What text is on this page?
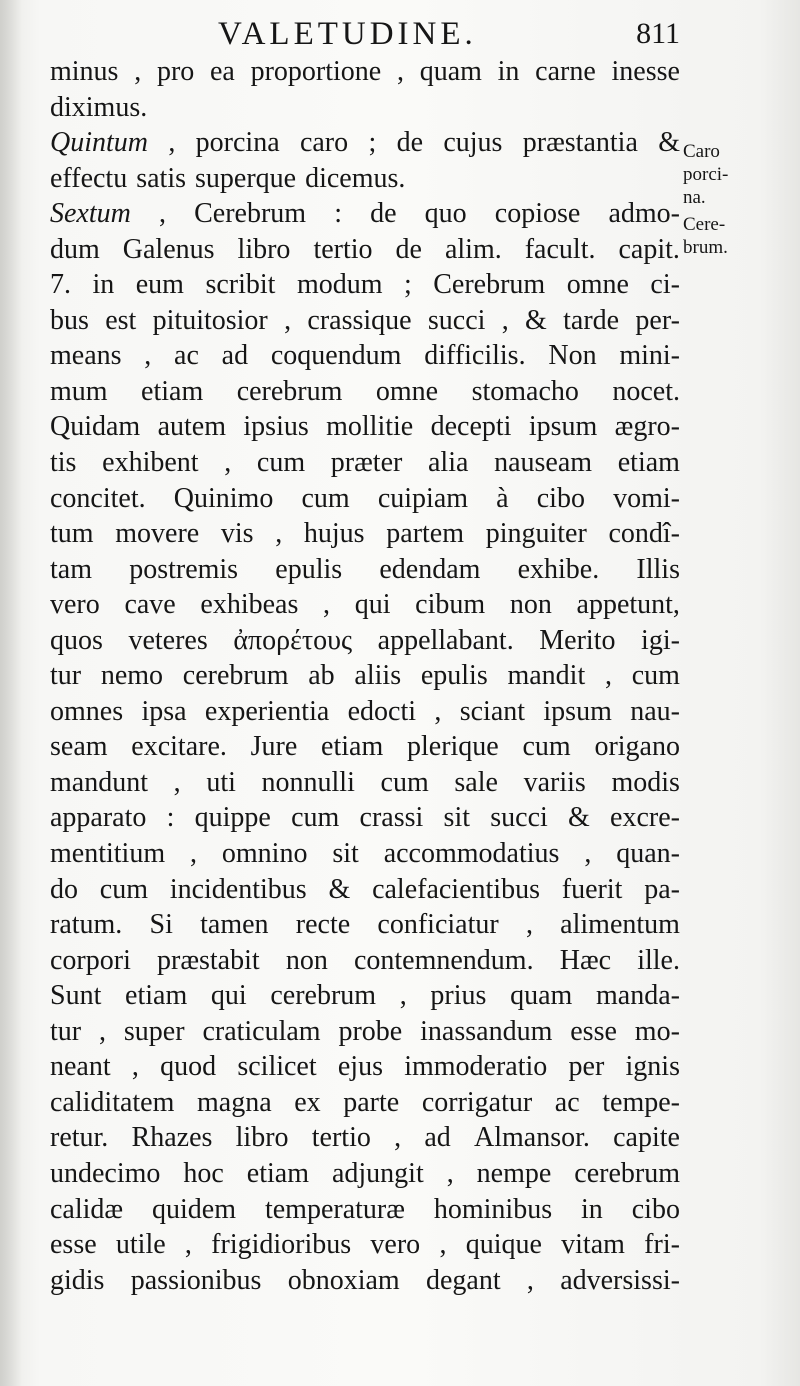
VALETUDINE.	811
minus , pro ea proportione , quam in carne inesse
diximus.
Quintum , porcina caro ; de cujus præstantia &
effectu satis superque dicemus.
Sextum , Cerebrum : de quo copiose admo-
dum Galenus libro tertio de alim. facult. capit.
7. in eum scribit modum ; Cerebrum omne ci-
bus est pituitosior , crassique succi , & tarde per-
means , ac ad coquendum difficilis. Non mini-
mum etiam cerebrum omne stomacho nocet.
Quidam autem ipsius mollitie decepti ipsum ægro-
tis exhibent , cum præter alia nauseam etiam
concitet. Quinimo cum cuipiam à cibo vomi-
tum movere vis , hujus partem pinguiter condî-
tam postremis epulis edendam exhibe. Illis
vero cave exhibeas , qui cibum non appetunt,
quos veteres ἀπορέτους appellabant. Merito igi-
tur nemo cerebrum ab aliis epulis mandit , cum
omnes ipsa experientia edocti , sciant ipsum nau-
seam excitare. Jure etiam plerique cum origano
mandunt , uti nonnulli cum sale variis modis
apparato : quippe cum crassi sit succi & excre-
mentitium , omnino sit accommodatius , quan-
do cum incidentibus & calefacientibus fuerit pa-
ratum. Si tamen recte conficiatur , alimentum
corpori præstabit non contemnendum. Hæc ille.
Sunt etiam qui cerebrum , prius quam manda-
tur , super craticulam probe inassandum esse mo-
neant , quod scilicet ejus immoderatio per ignis
caliditatem magna ex parte corrigatur ac tempe-
retur. Rhazes libro tertio , ad Almansor. capite
undecimo hoc etiam adjungit , nempe cerebrum
calidæ quidem temperaturæ hominibus in cibo
esse utile , frigidioribus vero , quique vitam fri-
gidis passionibus obnoxiam degant , adversissi-
Caro
porci-
na.
Cere-
brum.
